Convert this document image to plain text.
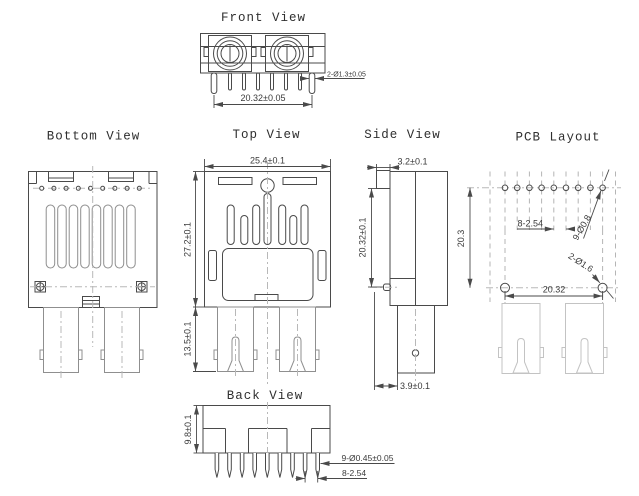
Front View
20.32±0.05
2-Ø1.3±0.05
Bottom View	Top View
25.4±0.1
27.2±0.1
13.5±0.1
Side View
3.2±0.1
20.32±0.1
3.9±0.1
PCB Layout
20.3
8-2.54	9-Ø0.8
2-Ø1.6
20.32
Back View
9.8±0.1
9-Ø0.45±0.05
8-2.54
